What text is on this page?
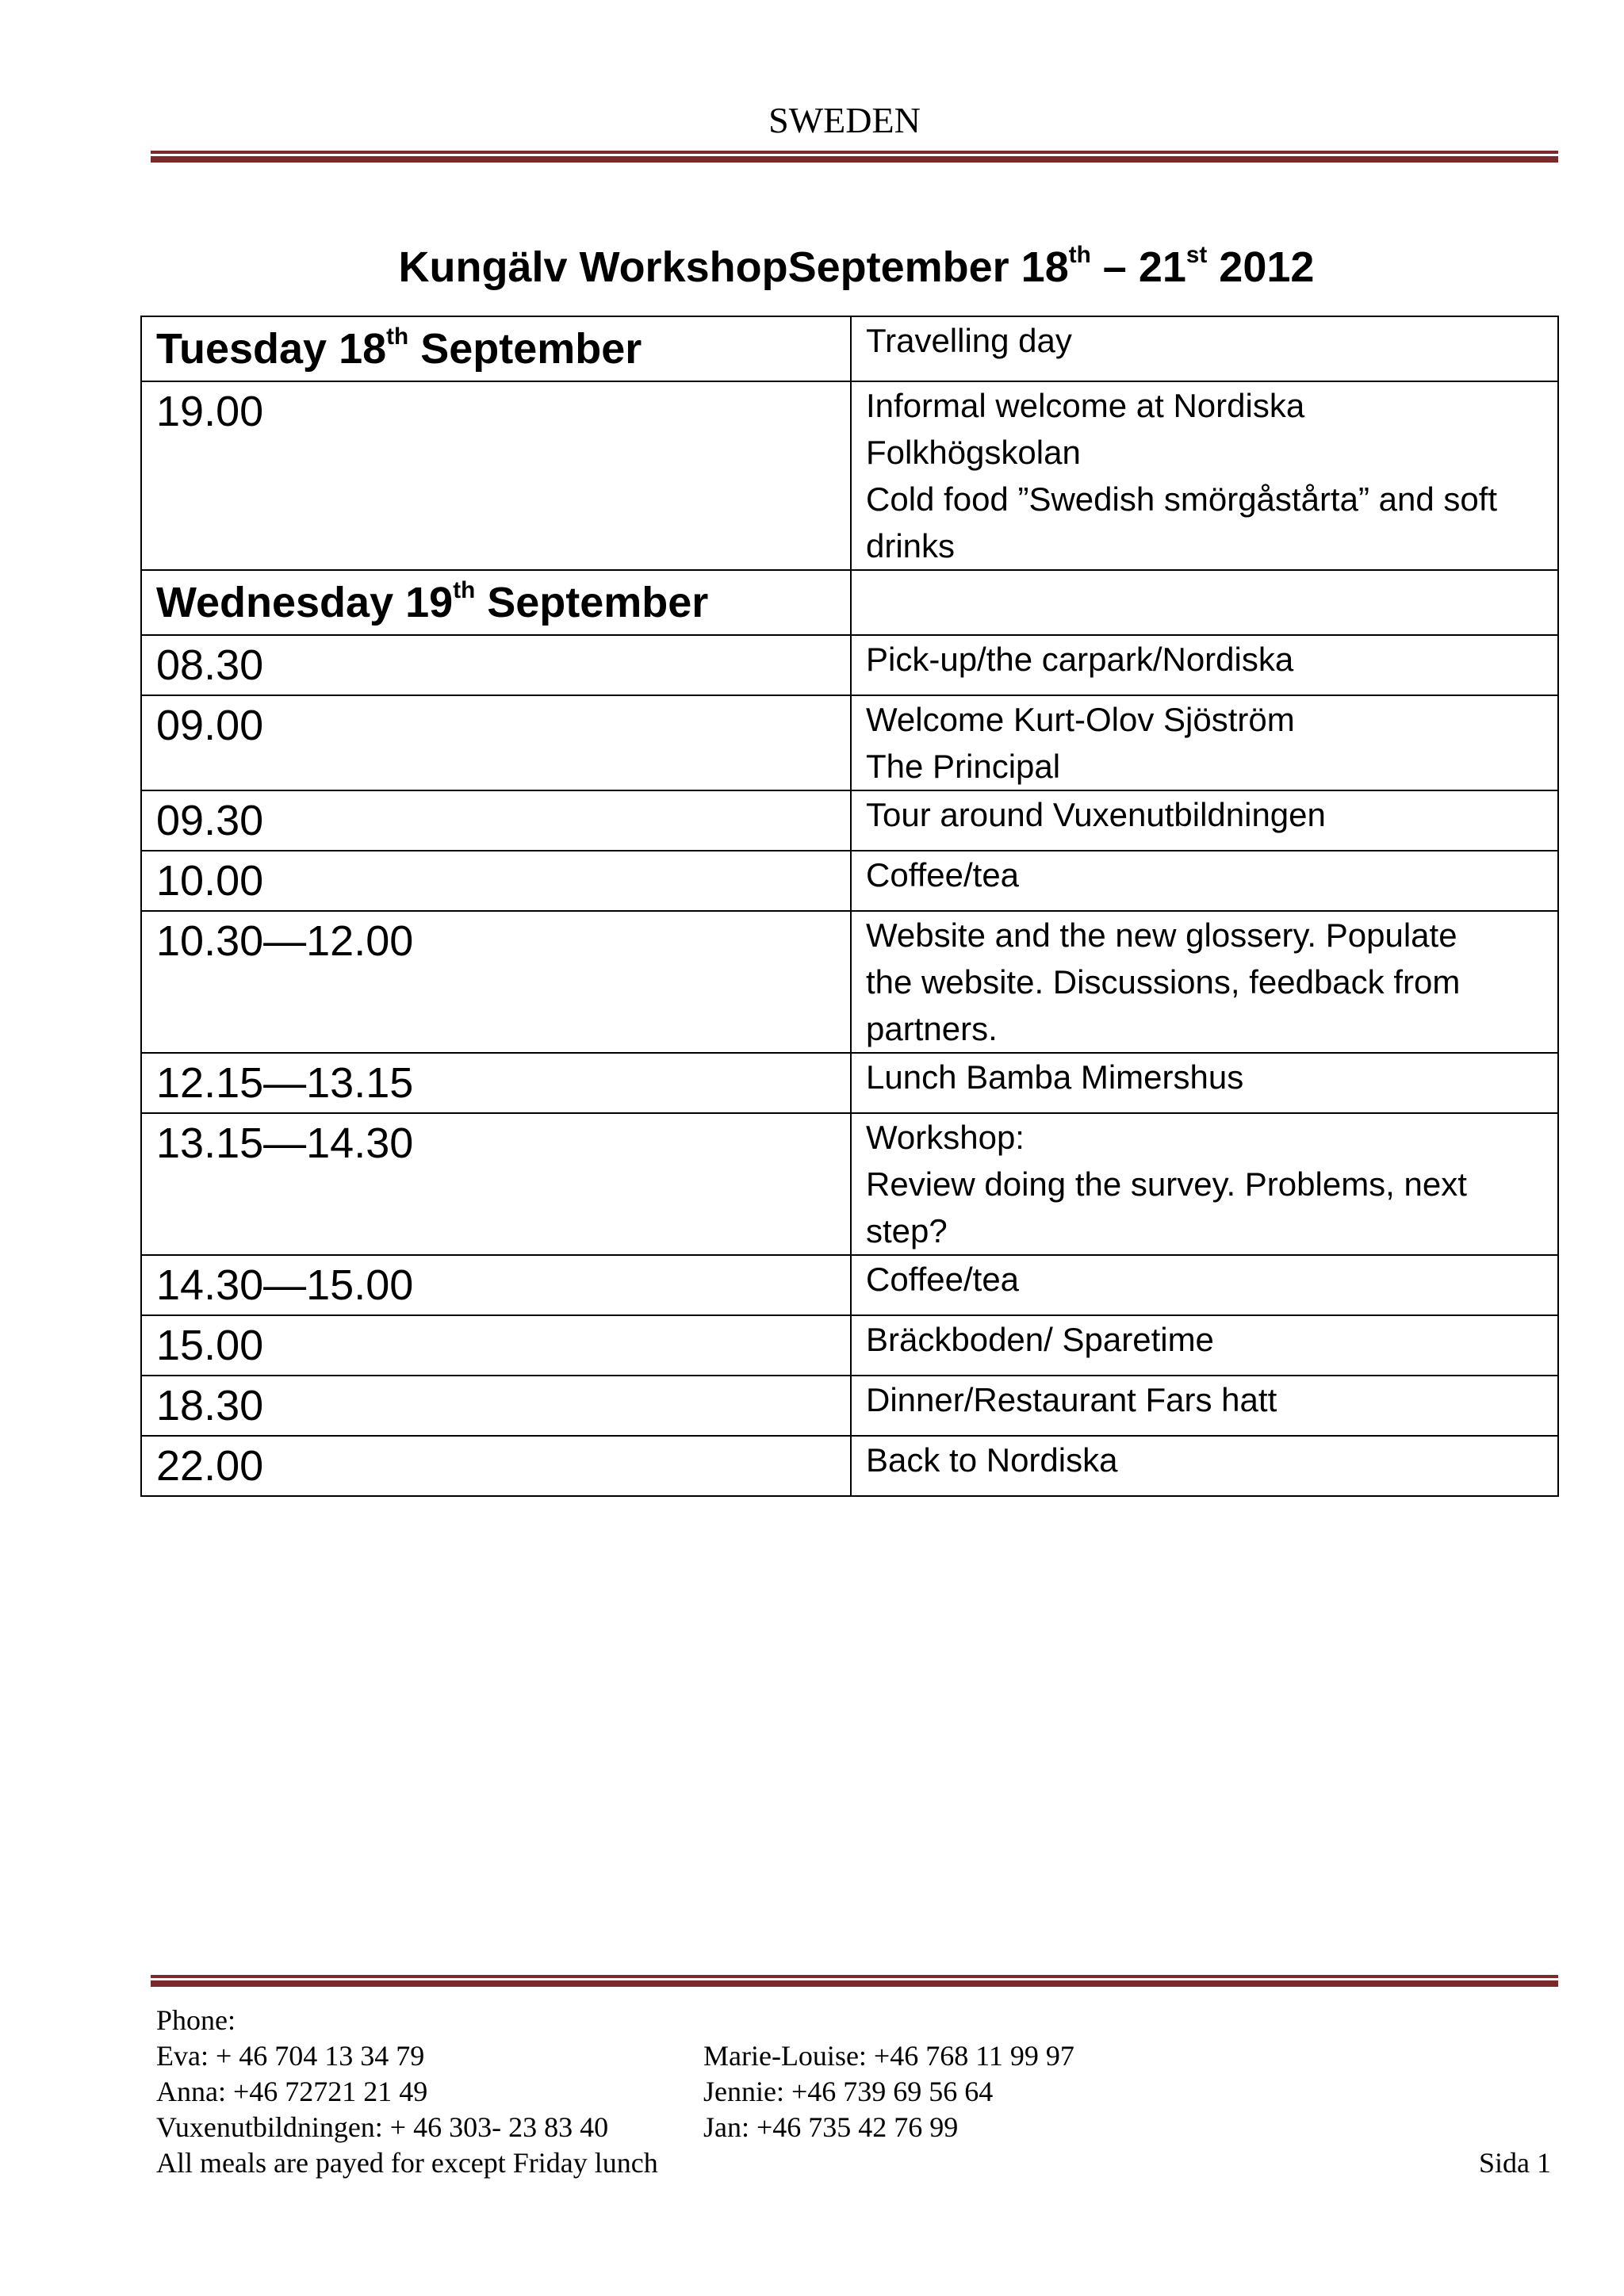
SWEDEN
Kungälv WorkshopSeptember 18th – 21st 2012
Tuesday 18th September	Travelling day

19.00	Informal welcome at Nordiska
Folkhögskolan
Cold food ”Swedish smörgåstårta” and soft
drinks

Wednesday 19th September	
08.30	Pick-up/the carpark/Nordiska

09.00	Welcome Kurt-Olov Sjöström
The Principal

09.30	Tour around Vuxenutbildningen

10.00	Coffee/tea

10.30—12.00	Website and the new glossery. Populate
the website. Discussions, feedback from
partners.

12.15—13.15	Lunch Bamba Mimershus

13.15—14.30	Workshop:
Review doing the survey. Problems, next
step?

14.30—15.00	Coffee/tea

15.00	Bräckboden/ Sparetime

18.30	Dinner/Restaurant Fars hatt

22.00	Back to Nordiska
Phone:
Eva: + 46 704 13 34 79	Marie-Louise: +46 768 11 99 97
Anna: +46 72721 21 49	Jennie: +46 739 69 56 64
Vuxenutbildningen: + 46 303- 23 83 40	Jan: +46 735 42 76 99
All meals are payed for except Friday lunch	Sida 1
